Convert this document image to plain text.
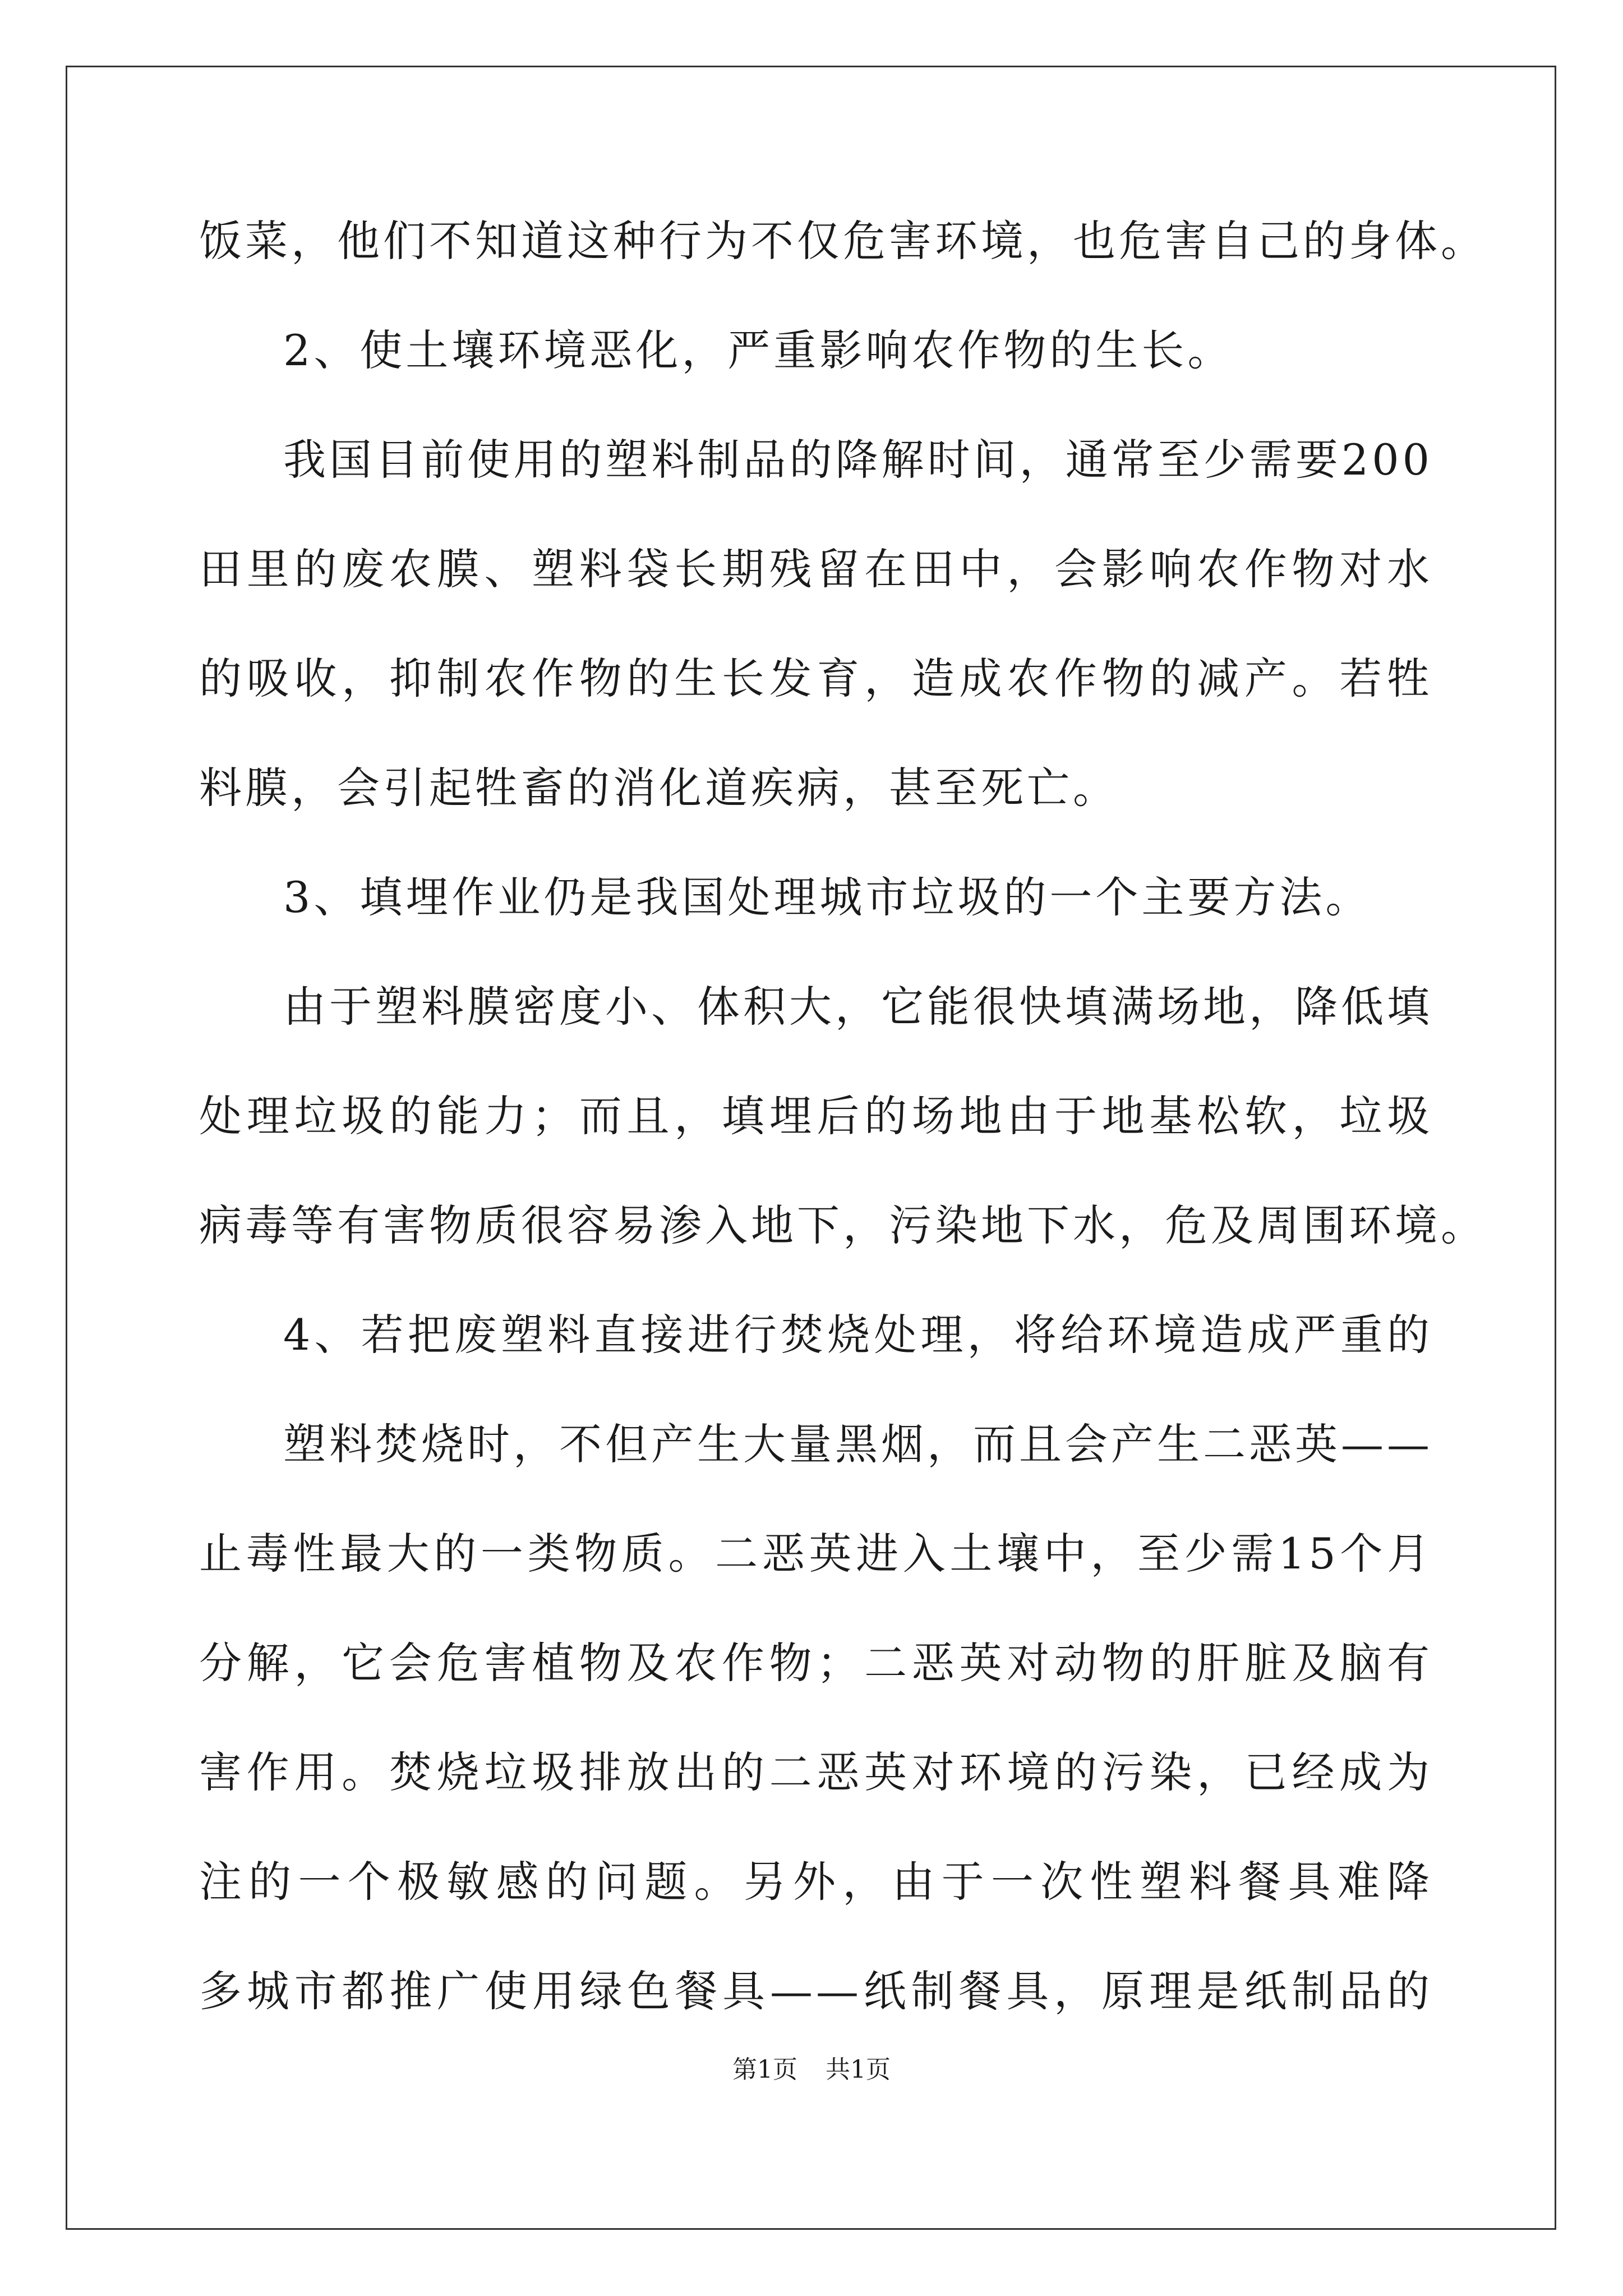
饭菜，他们不知道这种行为不仅危害环境，也危害自己的身体。
2、使土壤环境恶化，严重影响农作物的生长。
我国目前使用的塑料制品的降解时间，通常至少需要200
田里的废农膜、塑料袋长期残留在田中，会影响农作物对水
的吸收，抑制农作物的生长发育，造成农作物的减产。若牲
料膜，会引起牲畜的消化道疾病，甚至死亡。
3、填埋作业仍是我国处理城市垃圾的一个主要方法。
由于塑料膜密度小、体积大，它能很快填满场地，降低填
处理垃圾的能力；而且，填埋后的场地由于地基松软，垃圾
病毒等有害物质很容易渗入地下，污染地下水，危及周围环境。
4、若把废塑料直接进行焚烧处理，将给环境造成严重的
塑料焚烧时，不但产生大量黑烟，而且会产生二恶英——
止毒性最大的一类物质。二恶英进入土壤中，至少需15个月
分解，它会危害植物及农作物；二恶英对动物的肝脏及脑有
害作用。焚烧垃圾排放出的二恶英对环境的污染，已经成为
注的一个极敏感的问题。另外，由于一次性塑料餐具难降
多城市都推广使用绿色餐具——纸制餐具，原理是纸制品的
第1页 共1页
